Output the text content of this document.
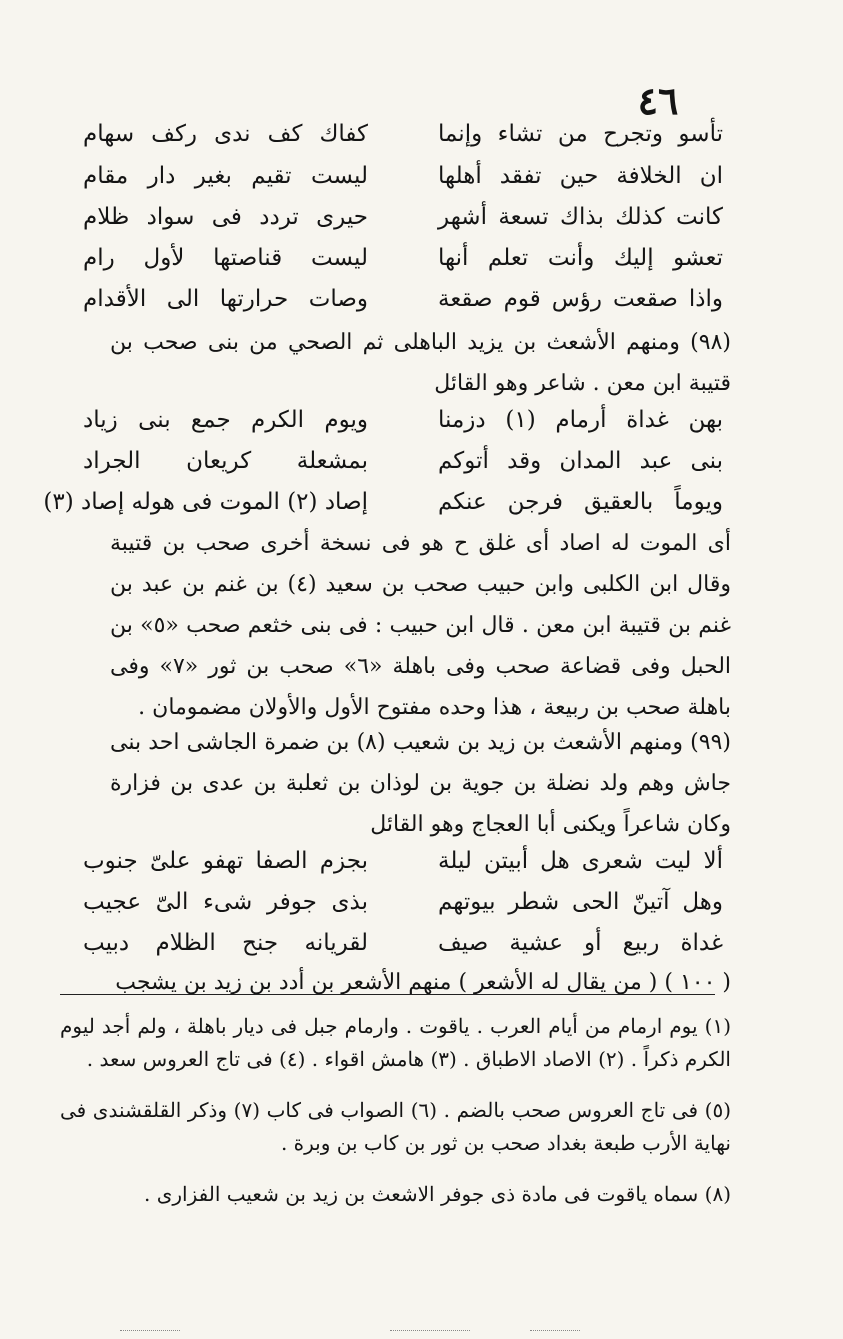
٤٦
تأسو وتجرح من تشاء وإنما
كفاك كف ندى ركف سهام
ان الخلافة حين تفقد أهلها
ليست تقيم بغير دار مقام
كانت كذلك بذاك تسعة أشهر
حيرى تردد فى سواد ظلام
تعشو إليك وأنت تعلم أنها
ليست قناصتها لأول رام
واذا صقعت رؤس قوم صقعة
وصات حرارتها الى الأقدام
(٩٨) ومنهم الأشعث بن يزيد الباهلى ثم الصحي من بنى صحب بن قتيبة ابن معن . شاعر وهو القائل
بهن غداة أرمام (١) دزمنا
ويوم الكرم جمع بنى زياد
بنى عبد المدان وقد أتوكم
بمشعلة كريعان الجراد
ويوماً بالعقيق فرجن عنكم
إصاد (٢) الموت فى هوله إصاد (٣)
أى الموت له اصاد أى غلق ح هو فى نسخة أخرى صحب بن قتيبة وقال ابن الكلبى وابن حبيب صحب بن سعيد (٤) بن غنم بن عبد بن غنم بن قتيبة ابن معن . قال ابن حبيب : فى بنى خثعم صحب «٥» بن الحبل وفى قضاعة صحب وفى باهلة «٦» صحب بن ثور «٧» وفى باهلة صحب بن ربيعة ، هذا وحده مفتوح الأول والأولان مضمومان .
(٩٩) ومنهم الأشعث بن زيد بن شعيب (٨) بن ضمرة الجاشى احد بنى جاش وهم ولد نضلة بن جوية بن لوذان بن ثعلبة بن عدى بن فزارة وكان شاعراً ويكنى أبا العجاج وهو القائل
ألا ليت شعرى هل أبيتن ليلة
بجزم الصفا تهفو علىّ جنوب
وهل آتينّ الحى شطر بيوتهم
بذى جوفر شىء الىّ عجيب
غداة ربيع أو عشية صيف
لقريانه جنح الظلام دبيب
( ١٠٠ ) ( من يقال له الأشعر ) منهم الأشعر بن أدد بن زيد بن يشجب
(١) يوم ارمام من أيام العرب . ياقوت . وارمام جبل فى ديار باهلة ، ولم أجد ليوم الكرم ذكراً . (٢) الاصاد الاطباق . (٣) هامش اقواء . (٤) فى تاج العروس سعد .
(٥) فى تاج العروس صحب بالضم . (٦) الصواب فى كاب (٧) وذكر القلقشندى فى نهاية الأرب طبعة بغداد صحب بن ثور بن كاب بن وبرة .
(٨) سماه ياقوت فى مادة ذى جوفر الاشعث بن زيد بن شعيب الفزارى .
